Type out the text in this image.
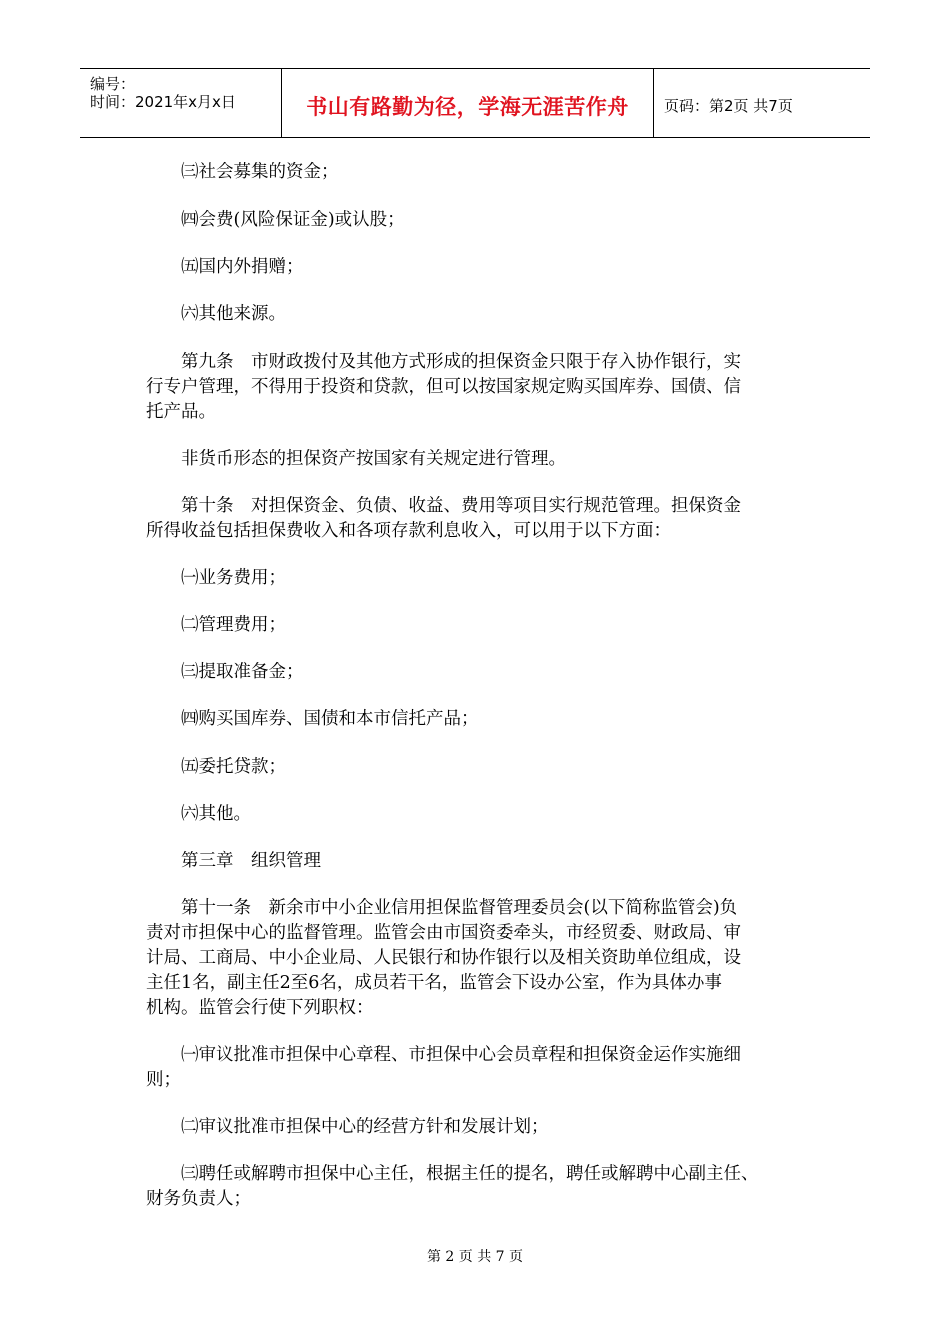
编号：
时间：2021年x月x日	书山有路勤为径，学海无涯苦作舟	页码：第2页 共7页
㈢社会募集的资金；
㈣会费(风险保证金)或认股；
㈤国内外捐赠；
㈥其他来源。
第九条　市财政拨付及其他方式形成的担保资金只限于存入协作银行，实
行专户管理，不得用于投资和贷款，但可以按国家规定购买国库券、国债、信
托产品。
非货币形态的担保资产按国家有关规定进行管理。
第十条　对担保资金、负债、收益、费用等项目实行规范管理。担保资金
所得收益包括担保费收入和各项存款利息收入，可以用于以下方面：
㈠业务费用；
㈡管理费用；
㈢提取准备金；
㈣购买国库券、国债和本市信托产品；
㈤委托贷款；
㈥其他。
第三章　组织管理
第十一条　新余市中小企业信用担保监督管理委员会(以下简称监管会)负
责对市担保中心的监督管理。监管会由市国资委牵头，市经贸委、财政局、审
计局、工商局、中小企业局、人民银行和协作银行以及相关资助单位组成，设
主任1名，副主任2至6名，成员若干名，监管会下设办公室，作为具体办事
机构。监管会行使下列职权：
㈠审议批准市担保中心章程、市担保中心会员章程和担保资金运作实施细
则；
㈡审议批准市担保中心的经营方针和发展计划；
㈢聘任或解聘市担保中心主任，根据主任的提名，聘任或解聘中心副主任、
财务负责人；
第 2 页 共 7 页
